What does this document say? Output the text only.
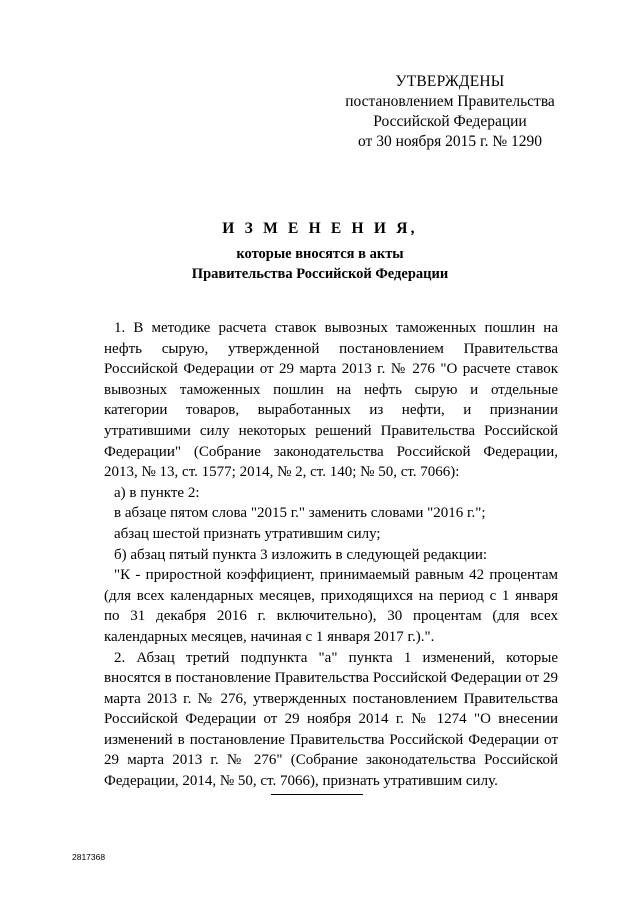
УТВЕРЖДЕНЫ
постановлением Правительства
Российской Федерации
от 30 ноября 2015 г. № 1290
И З М Е Н Е Н И Я,
которые вносятся в акты
Правительства Российской Федерации

1. В методике расчета ставок вывозных таможенных пошлин на нефть сырую, утвержденной постановлением Правительства Российской Федерации от 29 марта 2013 г. № 276 "О расчете ставок вывозных таможенных пошлин на нефть сырую и отдельные категории товаров, выработанных из нефти, и признании утратившими силу некоторых решений Правительства Российской Федерации" (Собрание законодательства Российской Федерации, 2013, № 13, ст. 1577; 2014, № 2, ст. 140; № 50, ст. 7066):

а) в пункте 2:

в абзаце пятом слова "2015 г." заменить словами "2016 г.";

абзац шестой признать утратившим силу;

б) абзац пятый пункта 3 изложить в следующей редакции:

"К - приростной коэффициент, принимаемый равным 42 процентам (для всех календарных месяцев, приходящихся на период с 1 января по 31 декабря 2016 г. включительно), 30 процентам (для всех календарных месяцев, начиная с 1 января 2017 г.).".

2. Абзац третий подпункта "а" пункта 1 изменений, которые вносятся в постановление Правительства Российской Федерации от 29 марта 2013 г. № 276, утвержденных постановлением Правительства Российской Федерации от 29 ноября 2014 г. № 1274 "О внесении изменений в постановление Правительства Российской Федерации от 29 марта 2013 г. № 276" (Собрание законодательства Российской Федерации, 2014, № 50, ст. 7066), признать утратившим силу.

2817368
